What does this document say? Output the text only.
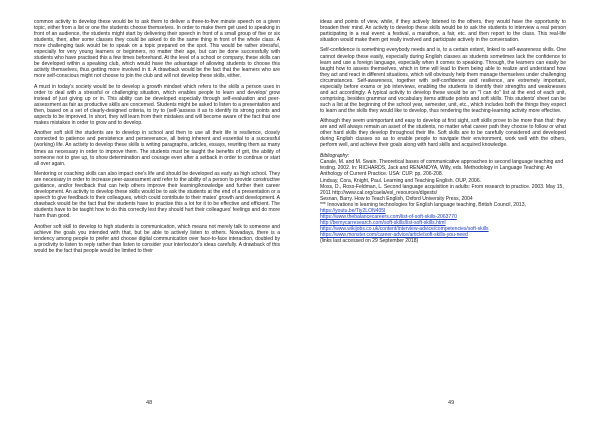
common activity to develop these would be to ask them to deliver a three-to-five minute speech on a given topic, either from a list or one the students choose themselves. In order to make them get used to speaking in front of an audience, the students might start by delivering their speech in front of a small group of five or six students, then, after some classes they could be asked to do the same thing in front of the whole class. A more challenging task would be to speak on a topic prepared on the spot. This would be rather stressful, especially for very young learners or beginners, no matter their age, but can be done successfully with students who have practised this a few times beforehand. At the level of a school or company, these skills can be developed within a speaking club, which would have the advantage of allowing students to choose this activity themselves, thus getting more involved in it. A drawback would be the fact that the learners who are more self-conscious might not choose to join the club and will not develop these skills, either.

A must in today's society would be to develop a growth mindset which refers to the skills a person uses in order to deal with a stressful or challenging situation, which enables people to learn and develop/ grow instead of just giving up or in. This ability can be developed especially through self-evaluation and peer-assessment as fair as productive skills are concerned. Students might be asked to listen to a presentation and then, based on a set of clearly-designed criteria, to try to (self-)assess it as to identify its strong points and aspects to be improved. In short, they will learn from their mistakes and will become aware of the fact that one makes mistakes in order to grow and to develop.

Another soft skill the students are to develop in school and then to use all their life is resilience, closely connected to patience and persistence and perseverance, all being inherent and essential to a successful (working) life. An activity to develop these skills is writing paragraphs, articles, essays, rewriting them as many times as necessary in order to improve them. The students must be taught the benefits of grit, the ability of someone not to give up, to show determination and courage even after a setback in order to continue or start all over again.

Mentoring or coaching skills can also impact one's life and should be developed as early as high school. They are necessary in order to increase peer-assessment and refer to the ability of a person to provide constructive guidance, and/or feedback that can help others improve their learning/knowledge and further their career development. An activity to develop these skills would be to ask the students at the end of a presentation or a speech to give feedback to their colleagues, which could contribute to their mates' growth and development. A drawback would be the fact that the students have to practise this a lot for it to be effective and efficient. The students have to be taught how to do this correctly lest they should hurt their colleagues' feelings and do more harm than good.

Another soft skill to develop to high students is communication, which means not merely talk to someone and achieve the goals you intended with that, but be able to actively listen to others. Nowadays, there is a tendency among people to prefer and choose digital communication over face-to-face interaction, doubled by a proclivity to listen to reply rather than listen to consider your interlocutor's ideas carefully. A drawback of this would be the fact that people would be limited to their

48

ideas and points of view, while, if they actively listened to the others, they would have the opportunity to broaden their mind. An activity to develop these skills would be to ask the students to interview a real person participating in a real event: a festival, a marathon, a fair, etc. and then report to the class. This real-life situation would make them get really involved and participate actively in the conversation.

Self-confidence is something everybody needs and is, to a certain extent, linked to self-awareness skills. One cannot develop these easily, especially during English classes as students sometimes lack the confidence to learn and use a foreign language, especially when it comes to speaking. Through, the learners can easily be taught how to assess themselves, which in time will lead to them being able to realize and understand how they act and react in different situations, which will obviously help them manage themselves under challenging circumstances. Self-awareness, together with self-confidence and resilience, are extremely important, especially before exams or job interviews, enabling the students to identify their strengths and weaknesses and act accordingly. A typical activity to develop these would be an "I can do" list at the end of each unit, comprising, besides grammar and vocabulary items attitude points and soft skills. This students' sheet can be such a list at the beginning of the school year, semester, unit, etc., which includes both the things they expect to learn and the skills they would like to develop, thus rendering the teaching-learning activity more effective.

Although they seem unimportant and easy to develop at first sight, soft skills prove to be more than that: they are and will always remain an asset of the students, no matter what career path they choose to follow or what other hard skills they develop throughout their life. Soft skills are to be carefully considered and developed during English classes so as to enable people to navigate their environment, work well with the others, perform well, and achieve their goals along with hard skills and acquired knowledge.

Bibliography:

Canale, M. and M. Swain. Theoretical bases of communicative approaches to second language teaching and testing. 2002. In: RICHARDS, Jack and RENANDYA, Willy, eds. Methodology in Language Teaching: An Anthology of Current Practice. USA: CUP. pp. 206-208.
Lindsay, Cora, Knight, Paul. Learning and Teaching English. OUP, 2006.
Moss, D., Ross-Feldman, L. Second language acquisition in adults: From research to practice. 2003. May 15, 2011 http://www.cal.org/caela/esl_resources/digests/
Sesnan, Barry. How to Teach English, Oxford University Press, 2004
*** Innovations in learning technologies for English language teaching, British Council, 2013,
https://youtu.be/Tiy2LON405I
https://www.thebalancecareers.com/list-of-soft-skills-2063770
http://bemycarresearch.com/soft-skills/list-soft-skills.html
https://www.wikijobs.co.uk/content/interview-advice/competencies/soft-skills
https://www.monster.com/career-advice/article/soft-skills-you-need
(links last accessed on 29 September 2018)
49
